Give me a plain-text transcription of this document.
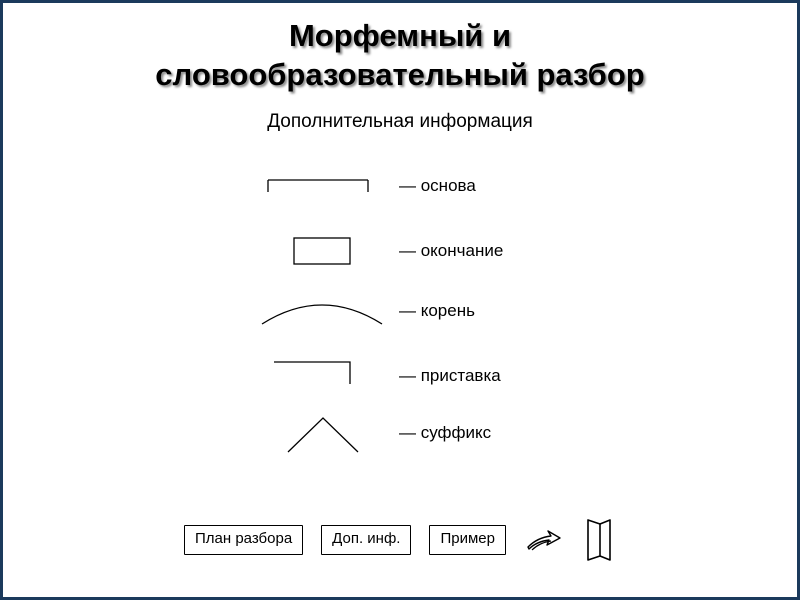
Морфемный и
словообразовательный разбор
Дополнительная информация
— основа
— окончание
— корень
— приставка
— суффикс
План разбора	Доп. инф.	Пример
